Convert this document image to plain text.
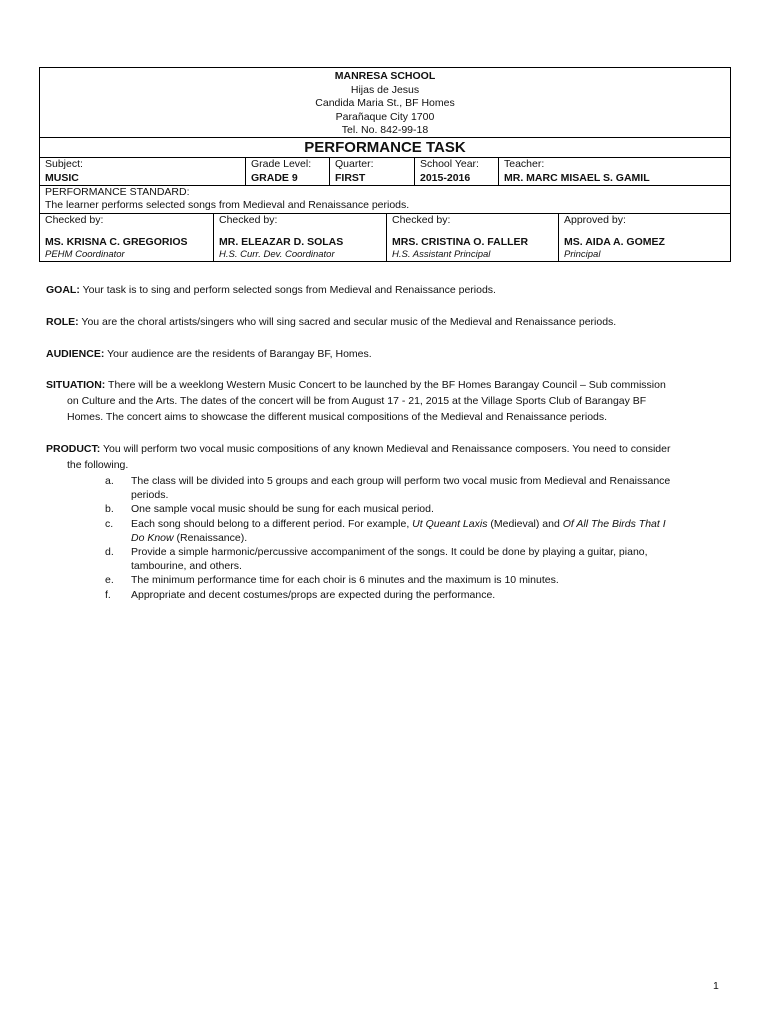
MANRESA SCHOOL
Hijas de Jesus
Candida Maria St., BF Homes
Parañaque City 1700
Tel. No. 842-99-18
PERFORMANCE TASK
Subject:
MUSIC
Grade Level:
GRADE 9
Quarter:
FIRST
School Year:
2015-2016
Teacher:
MR. MARC MISAEL S. GAMIL
PERFORMANCE STANDARD:
The learner performs selected songs from Medieval and Renaissance periods.
Checked by:
MS. KRISNA C. GREGORIOS
PEHM Coordinator
Checked by:
MR. ELEAZAR D. SOLAS
H.S. Curr. Dev. Coordinator
Checked by:
MRS. CRISTINA O. FALLER
H.S. Assistant Principal
Approved by:
MS. AIDA A. GOMEZ
Principal
GOAL: Your task is to sing and perform selected songs from Medieval and Renaissance periods.
ROLE: You are the choral artists/singers who will sing sacred and secular music of the Medieval and Renaissance periods.
AUDIENCE: Your audience are the residents of Barangay BF, Homes.
SITUATION: There will be a weeklong Western Music Concert to be launched by the BF Homes Barangay Council – Sub commission
on Culture and the Arts. The dates of the concert will be from August 17 - 21, 2015 at the Village Sports Club of Barangay BF
Homes. The concert aims to showcase the different musical compositions of the Medieval and Renaissance periods.
PRODUCT: You will perform two vocal music compositions of any known Medieval and Renaissance composers. You need to consider
the following.
a.	The class will be divided into 5 groups and each group will perform two vocal music from Medieval and Renaissance
periods.
b.	One sample vocal music should be sung for each musical period.
c.	Each song should belong to a different period. For example, Ut Queant Laxis (Medieval) and Of All The Birds That I
Do Know (Renaissance).
d.	Provide a simple harmonic/percussive accompaniment of the songs. It could be done by playing a guitar, piano,
tambourine, and others.
e.	The minimum performance time for each choir is 6 minutes and the maximum is 10 minutes.
f.	Appropriate and decent costumes/props are expected during the performance.
1
